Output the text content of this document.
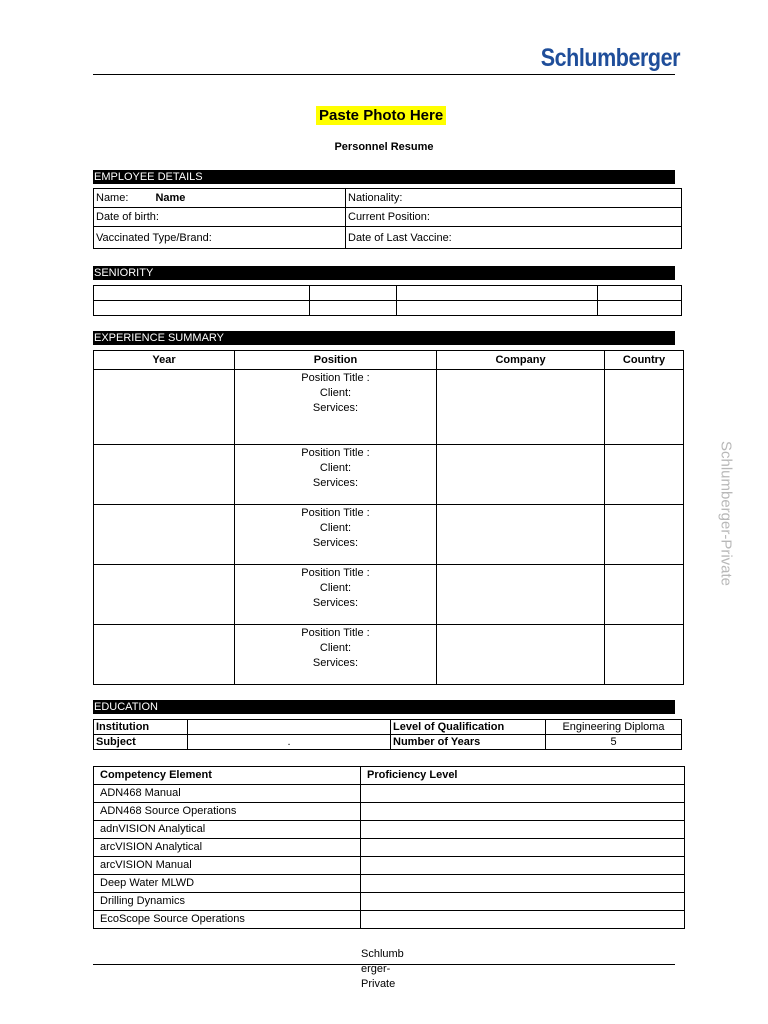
Schlumberger
Paste Photo Here
Personnel Resume
EMPLOYEE DETAILS
Name: Name	Nationality:
Date of birth:	Current Position:
Vaccinated Type/Brand:	Date of Last Vaccine:
SENIORITY

EXPERIENCE SUMMARY
Year	Position	Company	Country

	Position Title :
Client:
Services:		

	Position Title :
Client:
Services:		

	Position Title :
Client:
Services:		

	Position Title :
Client:
Services:		

	Position Title :
Client:
Services:		

EDUCATION
Institution		Level of Qualification	Engineering Diploma
Subject	.	Number of Years	5
Competency Element	Proficiency Level
ADN468 Manual	
ADN468 Source Operations	
adnVISION Analytical	
arcVISION Analytical	
arcVISION Manual	
Deep Water MLWD	
Drilling Dynamics	
EcoScope Source Operations	
Schlumberger-Private
Schlumb
erger-
Private
